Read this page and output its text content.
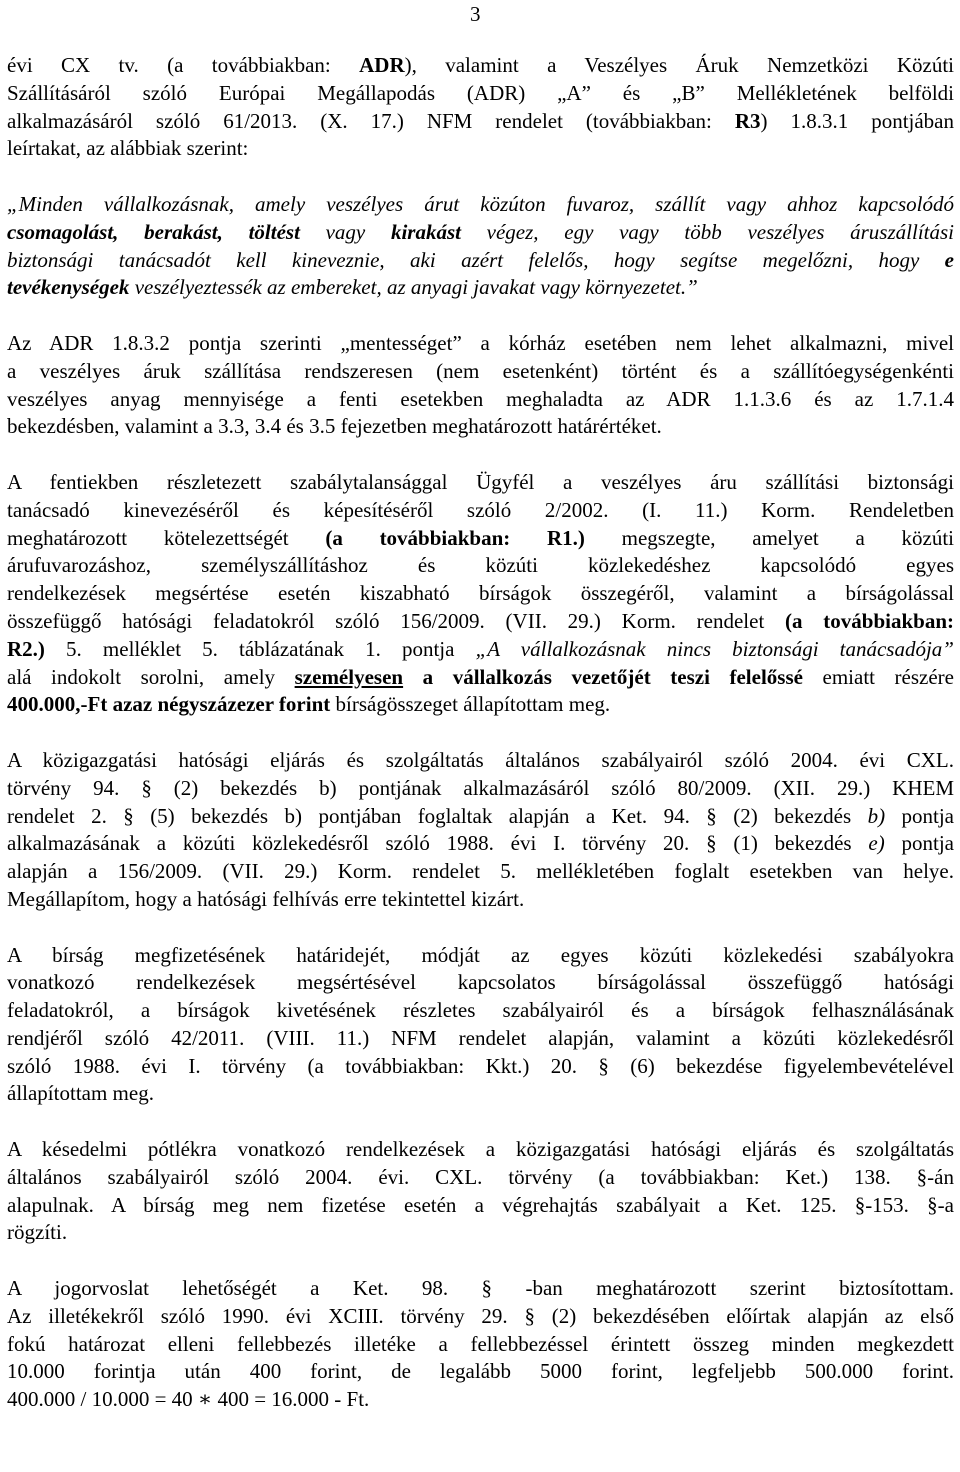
3
évi CX tv. (a továbbiakban: ADR), valamint a Veszélyes Áruk Nemzetközi Közúti
Szállításáról szóló Európai Megállapodás (ADR) „A” és „B” Mellékletének belföldi
alkalmazásáról szóló 61/2013. (X. 17.) NFM rendelet (továbbiakban: R3) 1.8.3.1 pontjában
leírtakat, az alábbiak szerint:
„Minden vállalkozásnak, amely veszélyes árut közúton fuvaroz, szállít vagy ahhoz kapcsolódó
csomagolást, berakást, töltést vagy kirakást végez, egy vagy több veszélyes áruszállítási
biztonsági tanácsadót kell kineveznie, aki azért felelős, hogy segítse megelőzni, hogy e
tevékenységek veszélyeztessék az embereket, az anyagi javakat vagy környezetet.”
Az ADR 1.8.3.2 pontja szerinti „mentességet” a kórház esetében nem lehet alkalmazni, mivel
a veszélyes áruk szállítása rendszeresen (nem esetenként) történt és a szállítóegységenkénti
veszélyes anyag mennyisége a fenti esetekben meghaladta az ADR 1.1.3.6 és az 1.7.1.4
bekezdésben, valamint a 3.3, 3.4 és 3.5 fejezetben meghatározott határértéket.
A fentiekben részletezett szabálytalansággal Ügyfél a veszélyes áru szállítási biztonsági
tanácsadó kinevezéséről és képesítéséről szóló 2/2002. (I. 11.) Korm. Rendeletben
meghatározott kötelezettségét (a továbbiakban: R1.) megszegte, amelyet a közúti
árufuvarozáshoz, személyszállításhoz és közúti közlekedéshez kapcsolódó egyes
rendelkezések megsértése esetén kiszabható bírságok összegéről, valamint a bírságolással
összefüggő hatósági feladatokról szóló 156/2009. (VII. 29.) Korm. rendelet (a továbbiakban:
R2.) 5. melléklet 5. táblázatának 1. pontja „A vállalkozásnak nincs biztonsági tanácsadója”
alá indokolt sorolni, amely személyesen a vállalkozás vezetőjét teszi felelőssé emiatt részére
400.000,-Ft azaz négyszázezer forint bírságösszeget állapítottam meg.
A közigazgatási hatósági eljárás és szolgáltatás általános szabályairól szóló 2004. évi CXL.
törvény 94. § (2) bekezdés b) pontjának alkalmazásáról szóló 80/2009. (XII. 29.) KHEM
rendelet 2. § (5) bekezdés b) pontjában foglaltak alapján a Ket. 94. § (2) bekezdés b) pontja
alkalmazásának a közúti közlekedésről szóló 1988. évi I. törvény 20. § (1) bekezdés e) pontja
alapján a 156/2009. (VII. 29.) Korm. rendelet 5. mellékletében foglalt esetekben van helye.
Megállapítom, hogy a hatósági felhívás erre tekintettel kizárt.
A bírság megfizetésének határidejét, módját az egyes közúti közlekedési szabályokra
vonatkozó rendelkezések megsértésével kapcsolatos bírságolással összefüggő hatósági
feladatokról, a bírságok kivetésének részletes szabályairól és a bírságok felhasználásának
rendjéről szóló 42/2011. (VIII. 11.) NFM rendelet alapján, valamint a közúti közlekedésről
szóló 1988. évi I. törvény (a továbbiakban: Kkt.) 20. § (6) bekezdése figyelembevételével
állapítottam meg.
A késedelmi pótlékra vonatkozó rendelkezések a közigazgatási hatósági eljárás és szolgáltatás
általános szabályairól szóló 2004. évi. CXL. törvény (a továbbiakban: Ket.) 138. §-án
alapulnak. A bírság meg nem fizetése esetén a végrehajtás szabályait a Ket. 125. §-153. §-a
rögzíti.
A jogorvoslat lehetőségét a Ket. 98. § -ban meghatározott szerint biztosítottam.
Az illetékekről szóló 1990. évi XCIII. törvény 29. § (2) bekezdésében előírtak alapján az első
fokú határozat elleni fellebbezés illetéke a fellebbezéssel érintett összeg minden megkezdett
10.000 forintja után 400 forint, de legalább 5000 forint, legfeljebb 500.000 forint.
400.000 / 10.000 = 40 ∗ 400 = 16.000 - Ft.
